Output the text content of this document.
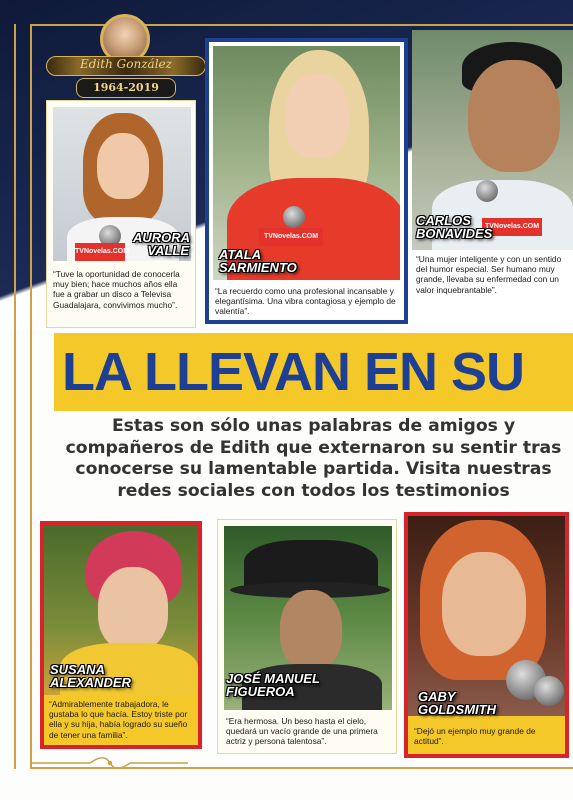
Edith González
1964-2019
TVNovelas.COM
AURORA
VALLE
“Tuve la oportunidad de conocerla muy bien; hace muchos años ella fue a grabar un disco a Televisa Guadalajara, convivimos mucho”.
TVNovelas.COM
ATALA
SARMIENTO
“La recuerdo como una profesional incansable y elegantísima. Una vibra contagiosa y ejemplo de valentía”.
TVNovelas.COM
CARLOS
BONAVIDES
“Una mujer inteligente y con un sentido del humor especial. Ser humano muy grande, llevaba su enfermedad con un valor inquebrantable”.
LA LLEVAN EN SU
Estas son sólo unas palabras de amigos y compañeros de Edith que externaron su sentir tras conocerse su lamentable partida. Visita nuestras redes sociales con todos los testimonios
SUSANA
ALEXANDER
“Admirablemente trabajadora, le gustaba lo que hacía. Estoy triste por ella y su hija, había logrado su sueño de tener una familia”.
JOSÉ MANUEL
FIGUEROA
“Era hermosa. Un beso hasta el cielo, quedará un vacío grande de una primera actriz y persona talentosa”.
GABY
GOLDSMITH
“Dejó un ejemplo muy grande de actitud”.
